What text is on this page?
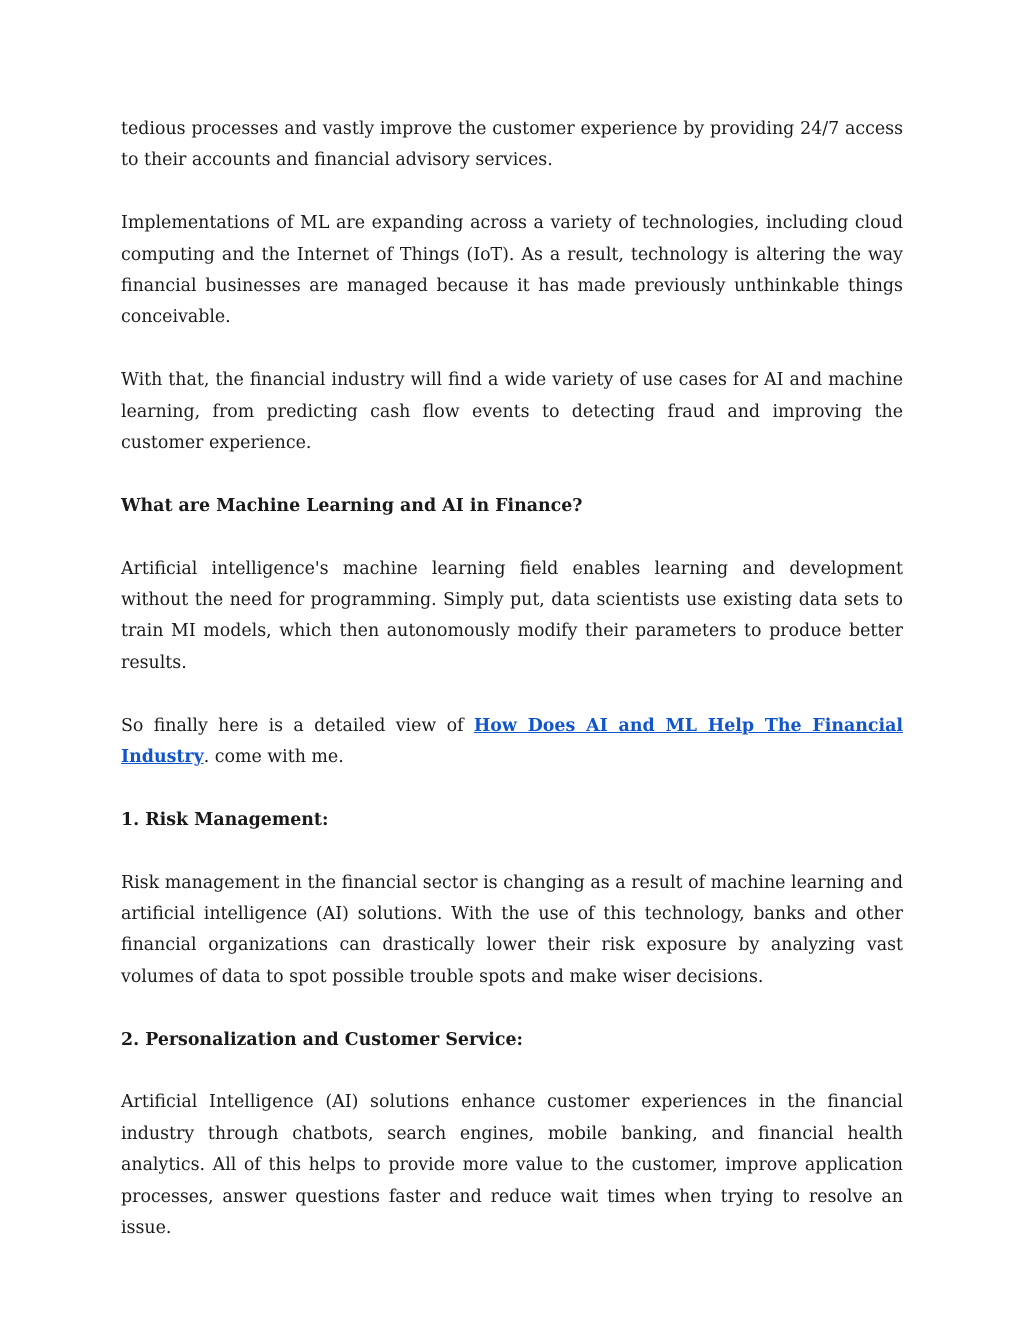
tedious processes and vastly improve the customer experience by providing 24/7 access to their accounts and financial advisory services.

Implementations of ML are expanding across a variety of technologies, including cloud computing and the Internet of Things (IoT). As a result, technology is altering the way financial businesses are managed because it has made previously unthinkable things conceivable.

With that, the financial industry will find a wide variety of use cases for AI and machine learning, from predicting cash flow events to detecting fraud and improving the customer experience.

What are Machine Learning and AI in Finance?

Artificial intelligence's machine learning field enables learning and development without the need for programming. Simply put, data scientists use existing data sets to train MI models, which then autonomously modify their parameters to produce better results.

So finally here is a detailed view of How Does AI and ML Help The Financial Industry. come with me.

1. Risk Management:

Risk management in the financial sector is changing as a result of machine learning and artificial intelligence (AI) solutions. With the use of this technology, banks and other financial organizations can drastically lower their risk exposure by analyzing vast volumes of data to spot possible trouble spots and make wiser decisions.

2. Personalization and Customer Service:

Artificial Intelligence (AI) solutions enhance customer experiences in the financial industry through chatbots, search engines, mobile banking, and financial health analytics. All of this helps to provide more value to the customer, improve application processes, answer questions faster and reduce wait times when trying to resolve an issue.
